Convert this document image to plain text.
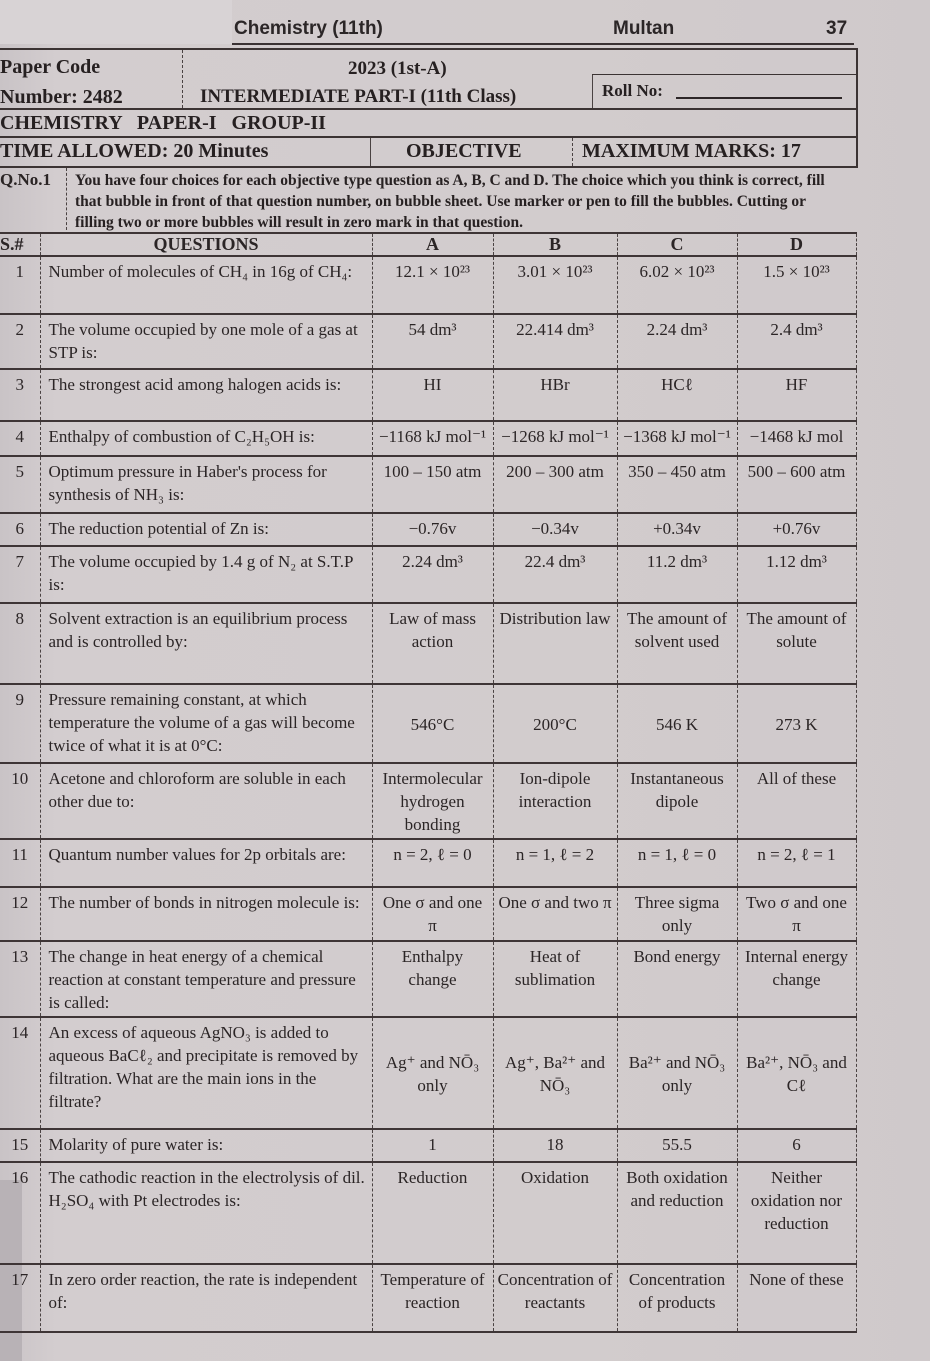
Chemistry (11th)	Multan	37
Paper Code
Number: 2482
2023 (1st-A)
INTERMEDIATE PART-I (11th Class)	Roll No:
CHEMISTRY   PAPER-I   GROUP-II
TIME ALLOWED: 20 Minutes	OBJECTIVE	MAXIMUM MARKS: 17
Q.No.1 You have four choices for each objective type question as A, B, C and D. The choice which you think is correct, fill that bubble in front of that question number, on bubble sheet. Use marker or pen to fill the bubbles. Cutting or filling two or more bubbles will result in zero mark in that question.
S.#	QUESTIONS	A	B	C	D
1	Number of molecules of CH₄ in 16g of CH₄:	12.1 × 10²³	3.01 × 10²³	6.02 × 10²³	1.5 × 10²³
2	The volume occupied by one mole of a gas at STP is:	54 dm³	22.414 dm³	2.24 dm³	2.4 dm³
3	The strongest acid among halogen acids is:	HI	HBr	HCℓ	HF
4	Enthalpy of combustion of C₂H₅OH is:	−1168 kJ mol⁻¹	−1268 kJ mol⁻¹	−1368 kJ mol⁻¹	−1468 kJ mol
5	Optimum pressure in Haber's process for synthesis of NH₃ is:	100 – 150 atm	200 – 300 atm	350 – 450 atm	500 – 600 atm
6	The reduction potential of Zn is:	−0.76v	−0.34v	+0.34v	+0.76v
7	The volume occupied by 1.4 g of N₂ at S.T.P is:	2.24 dm³	22.4 dm³	11.2 dm³	1.12 dm³
8	Solvent extraction is an equilibrium process and is controlled by:	Law of mass action	Distribution law	The amount of solvent used	The amount of solute
9	Pressure remaining constant, at which temperature the volume of a gas will become twice of what it is at 0°C:	546°C	200°C	546 K	273 K
10	Acetone and chloroform are soluble in each other due to:	Intermolecular hydrogen bonding	Ion-dipole interaction	Instantaneous dipole	All of these
11	Quantum number values for 2p orbitals are:	n = 2, ℓ = 0	n = 1, ℓ = 2	n = 1, ℓ = 0	n = 2, ℓ = 1
12	The number of bonds in nitrogen molecule is:	One σ and one π	One σ and two π	Three sigma only	Two σ and one π
13	The change in heat energy of a chemical reaction at constant temperature and pressure is called:	Enthalpy change	Heat of sublimation	Bond energy	Internal energy change
14	An excess of aqueous AgNO₃ is added to aqueous BaCℓ₂ and precipitate is removed by filtration. What are the main ions in the filtrate?	Ag⁺ and NŌ₃ only	Ag⁺, Ba²⁺ and NŌ₃	Ba²⁺ and NŌ₃ only	Ba²⁺, NŌ₃ and Cℓ
15	Molarity of pure water is:	1	18	55.5	6
16	The cathodic reaction in the electrolysis of dil. H₂SO₄ with Pt electrodes is:	Reduction	Oxidation	Both oxidation and reduction	Neither oxidation nor reduction
17	In zero order reaction, the rate is independent of:	Temperature of reaction	Concentration of reactants	Concentration of products	None of these
